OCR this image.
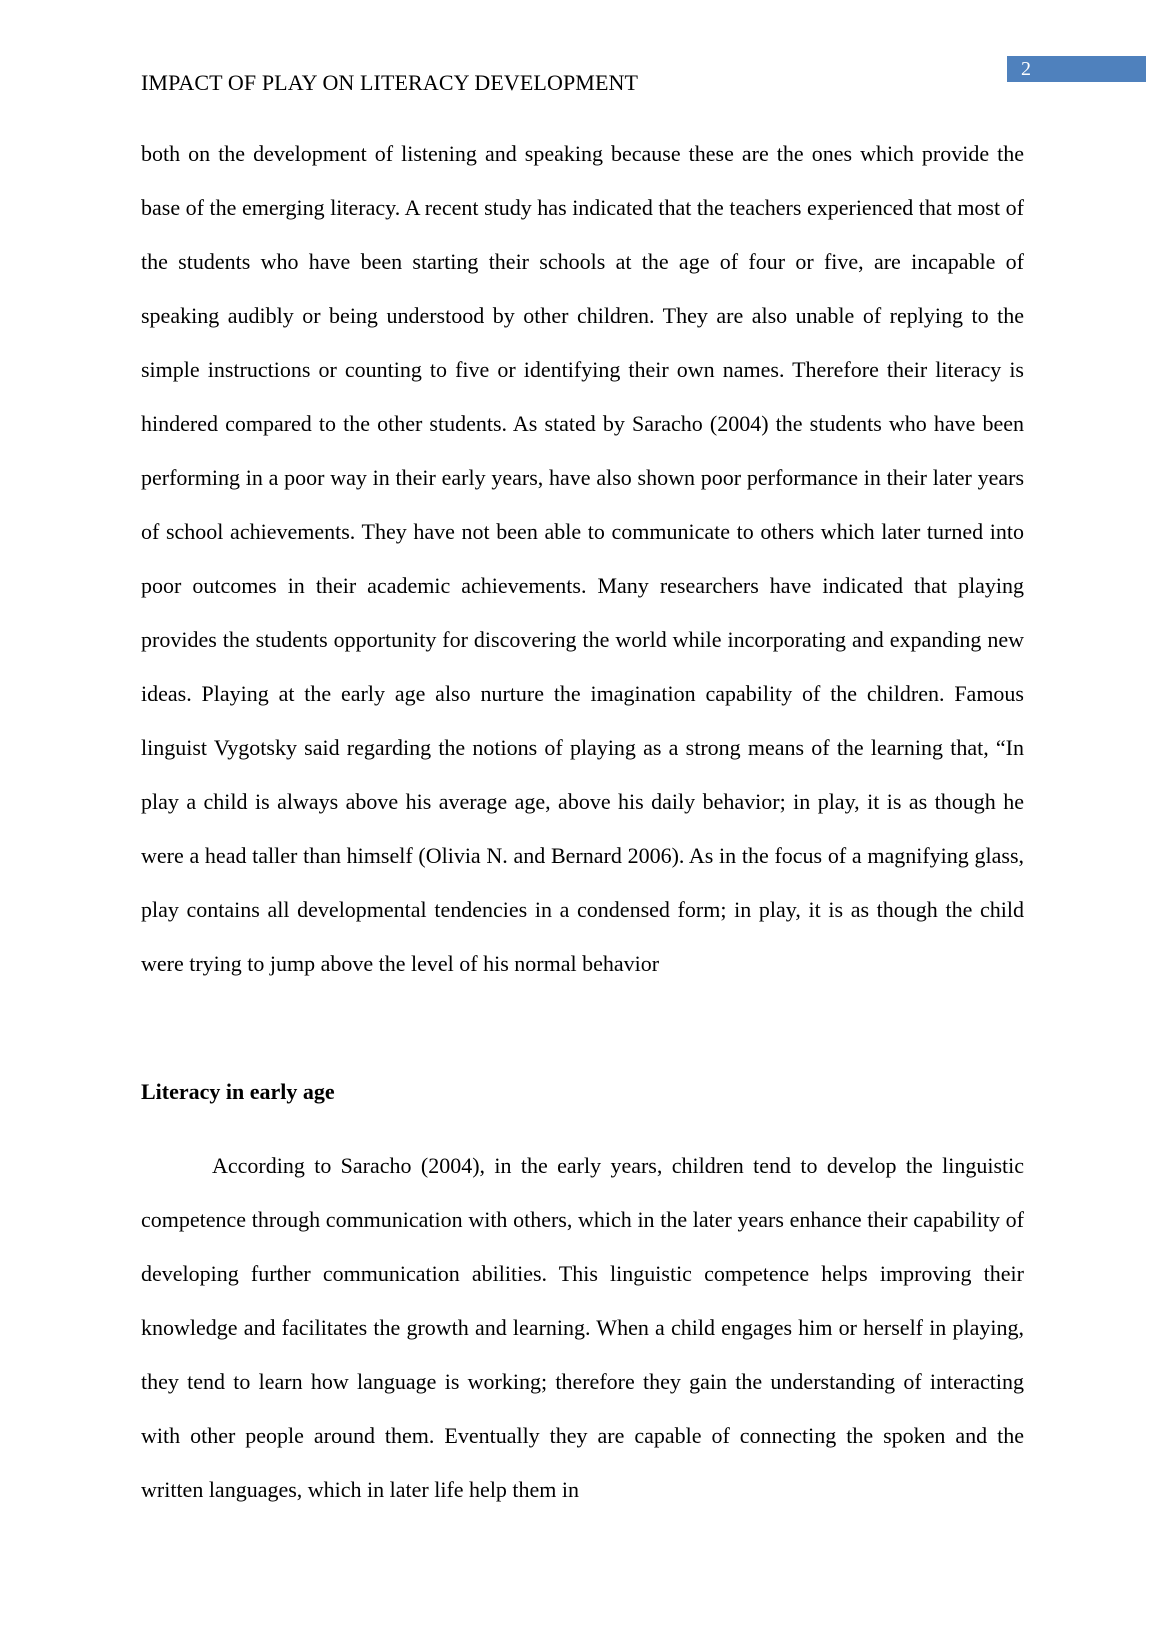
2
IMPACT OF PLAY ON LITERACY DEVELOPMENT

both on the development of listening and speaking because these are the ones which provide the base of the emerging literacy. A recent study has indicated that the teachers experienced that most of the students who have been starting their schools at the age of four or five, are incapable of speaking audibly or being understood by other children. They are also unable of replying to the simple instructions or counting to five or identifying their own names. Therefore their literacy is hindered compared to the other students. As stated by Saracho (2004) the students who have been performing in a poor way in their early years, have also shown poor performance in their later years of school achievements. They have not been able to communicate to others which later turned into poor outcomes in their academic achievements. Many researchers have indicated that playing provides the students opportunity for discovering the world while incorporating and expanding new ideas. Playing at the early age also nurture the imagination capability of the children. Famous linguist Vygotsky said regarding the notions of playing as a strong means of the learning that, “In play a child is always above his average age, above his daily behavior; in play, it is as though he were a head taller than himself (Olivia N. and Bernard 2006). As in the focus of a magnifying glass, play contains all developmental tendencies in a condensed form; in play, it is as though the child were trying to jump above the level of his normal behavior

Literacy in early age

According to Saracho (2004), in the early years, children tend to develop the linguistic competence through communication with others, which in the later years enhance their capability of developing further communication abilities. This linguistic competence helps improving their knowledge and facilitates the growth and learning. When a child engages him or herself in playing, they tend to learn how language is working; therefore they gain the understanding of interacting with other people around them. Eventually they are capable of connecting the spoken and the written languages, which in later life help them in
